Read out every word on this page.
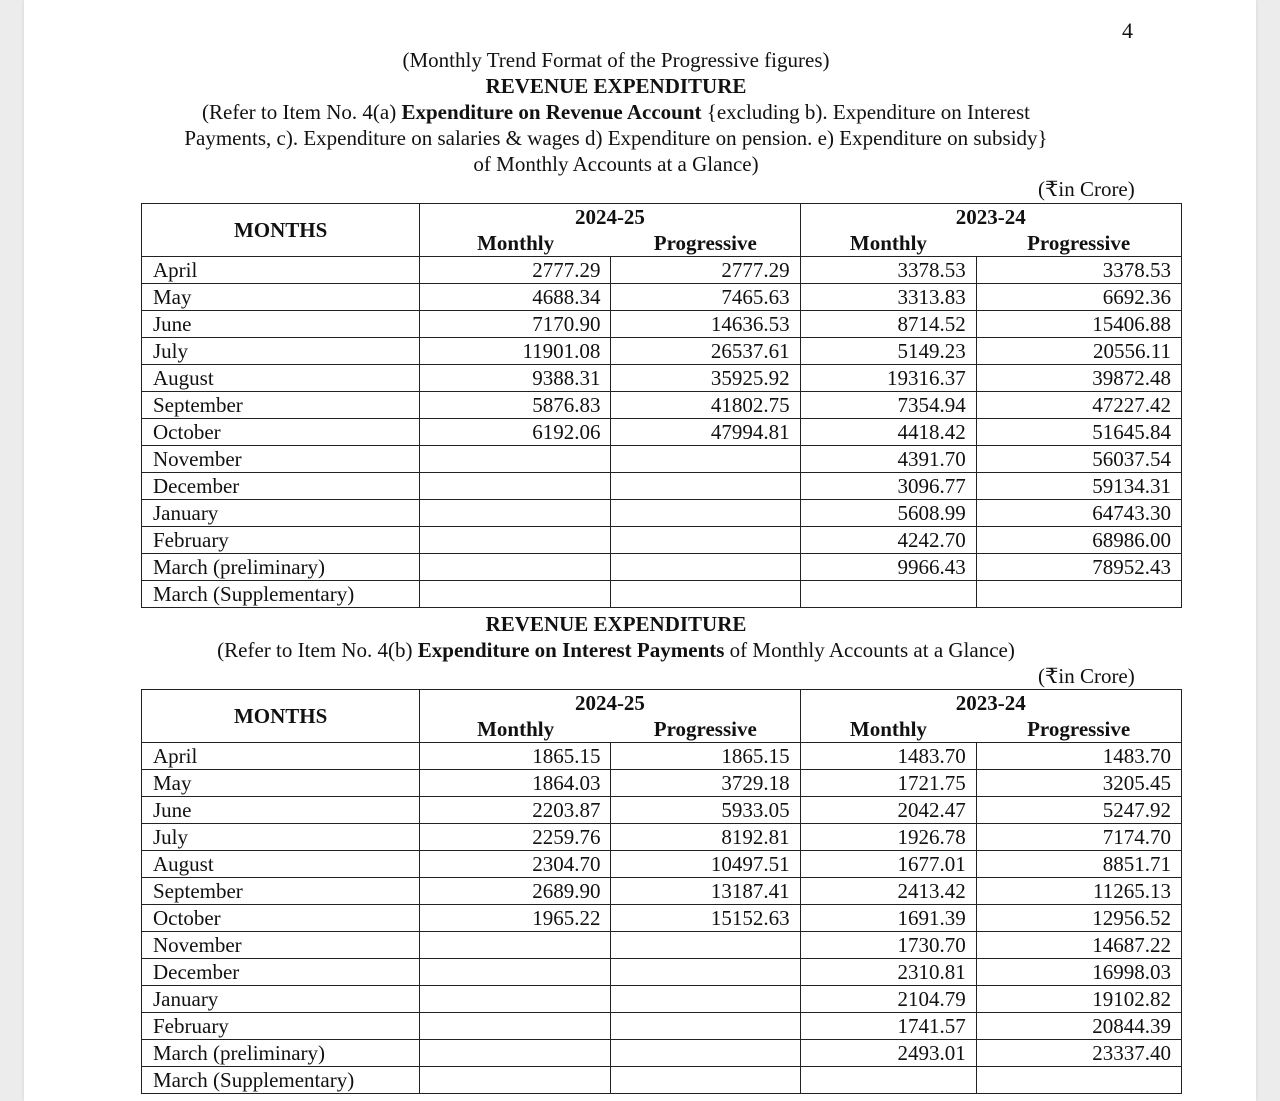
4
(Monthly Trend Format of the Progressive figures)
REVENUE EXPENDITURE
(Refer to Item No. 4(a) Expenditure on Revenue Account {excluding b). Expenditure on Interest
Payments, c). Expenditure on salaries & wages d) Expenditure on pension. e) Expenditure on subsidy}
of Monthly Accounts at a Glance)
(₹in Crore)
MONTHS	2024-25		2023-24	
	Monthly	Progressive	Monthly	Progressive
April	2777.29	2777.29	3378.53	3378.53
May	4688.34	7465.63	3313.83	6692.36
June	7170.90	14636.53	8714.52	15406.88
July	11901.08	26537.61	5149.23	20556.11
August	9388.31	35925.92	19316.37	39872.48
September	5876.83	41802.75	7354.94	47227.42
October	6192.06	47994.81	4418.42	51645.84
November			4391.70	56037.54
December			3096.77	59134.31
January			5608.99	64743.30
February			4242.70	68986.00
March (preliminary)			9966.43	78952.43
March (Supplementary)				
REVENUE EXPENDITURE
(Refer to Item No. 4(b) Expenditure on Interest Payments of Monthly Accounts at a Glance)
(₹in Crore)
MONTHS	2024-25		2023-24	
	Monthly	Progressive	Monthly	Progressive
April	1865.15	1865.15	1483.70	1483.70
May	1864.03	3729.18	1721.75	3205.45
June	2203.87	5933.05	2042.47	5247.92
July	2259.76	8192.81	1926.78	7174.70
August	2304.70	10497.51	1677.01	8851.71
September	2689.90	13187.41	2413.42	11265.13
October	1965.22	15152.63	1691.39	12956.52
November			1730.70	14687.22
December			2310.81	16998.03
January			2104.79	19102.82
February			1741.57	20844.39
March (preliminary)			2493.01	23337.40
March (Supplementary)				
